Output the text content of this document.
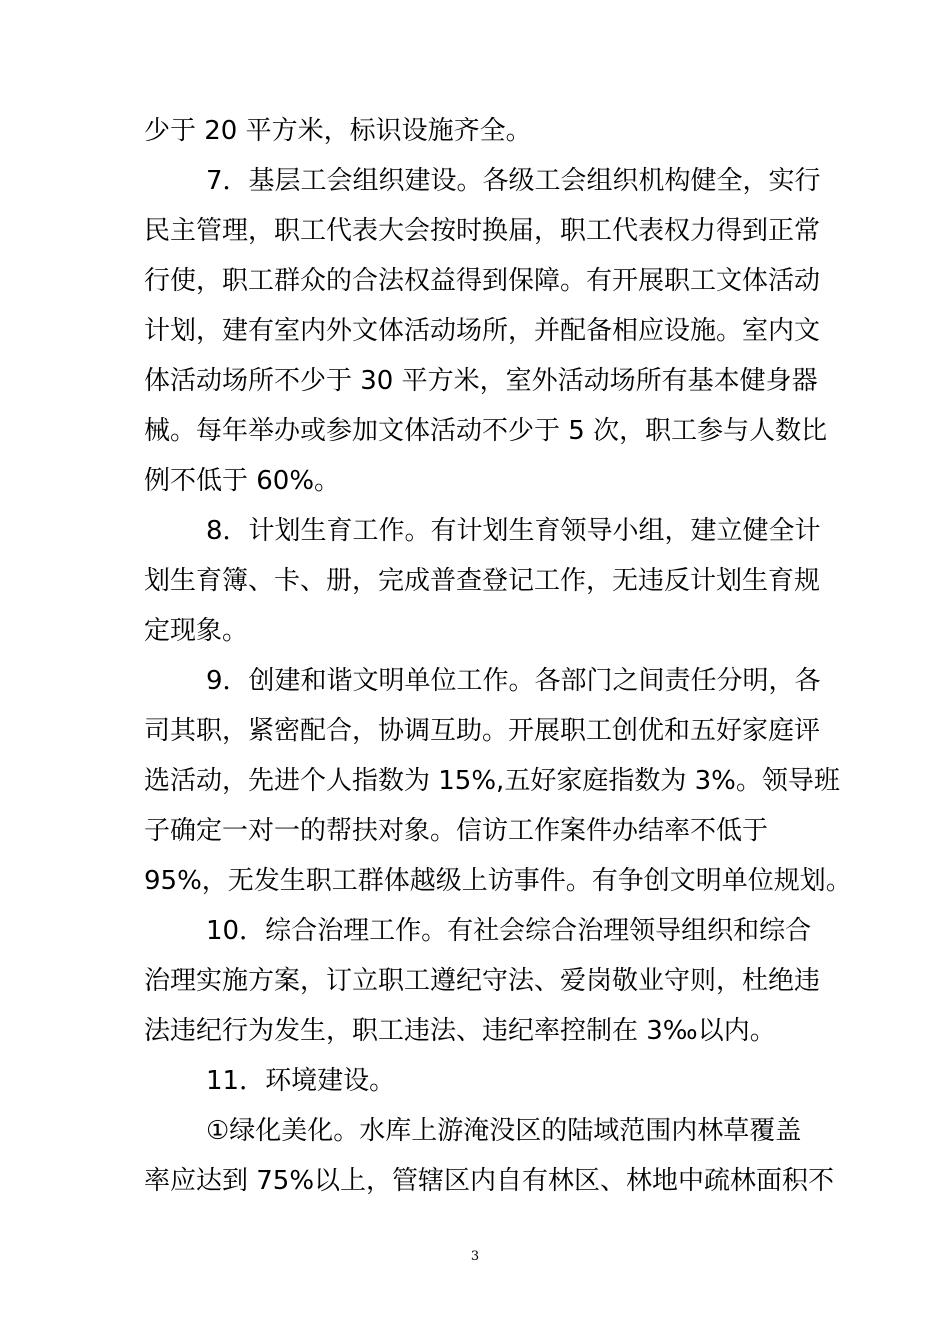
少于 20 平方米，标识设施齐全。
7．基层工会组织建设。各级工会组织机构健全，实行
民主管理，职工代表大会按时换届，职工代表权力得到正常
行使，职工群众的合法权益得到保障。有开展职工文体活动
计划，建有室内外文体活动场所，并配备相应设施。室内文
体活动场所不少于 30 平方米，室外活动场所有基本健身器
械。每年举办或参加文体活动不少于 5 次，职工参与人数比
例不低于 60%。
8．计划生育工作。有计划生育领导小组，建立健全计
划生育簿、卡、册，完成普查登记工作，无违反计划生育规
定现象。
9．创建和谐文明单位工作。各部门之间责任分明，各
司其职，紧密配合，协调互助。开展职工创优和五好家庭评
选活动，先进个人指数为 15%,五好家庭指数为 3%。领导班
子确定一对一的帮扶对象。信访工作案件办结率不低于
95%，无发生职工群体越级上访事件。有争创文明单位规划。
10．综合治理工作。有社会综合治理领导组织和综合
治理实施方案，订立职工遵纪守法、爱岗敬业守则，杜绝违
法违纪行为发生，职工违法、违纪率控制在 3‰以内。
11．环境建设。
①绿化美化。水库上游淹没区的陆域范围内林草覆盖
率应达到 75%以上，管辖区内自有林区、林地中疏林面积不
3
